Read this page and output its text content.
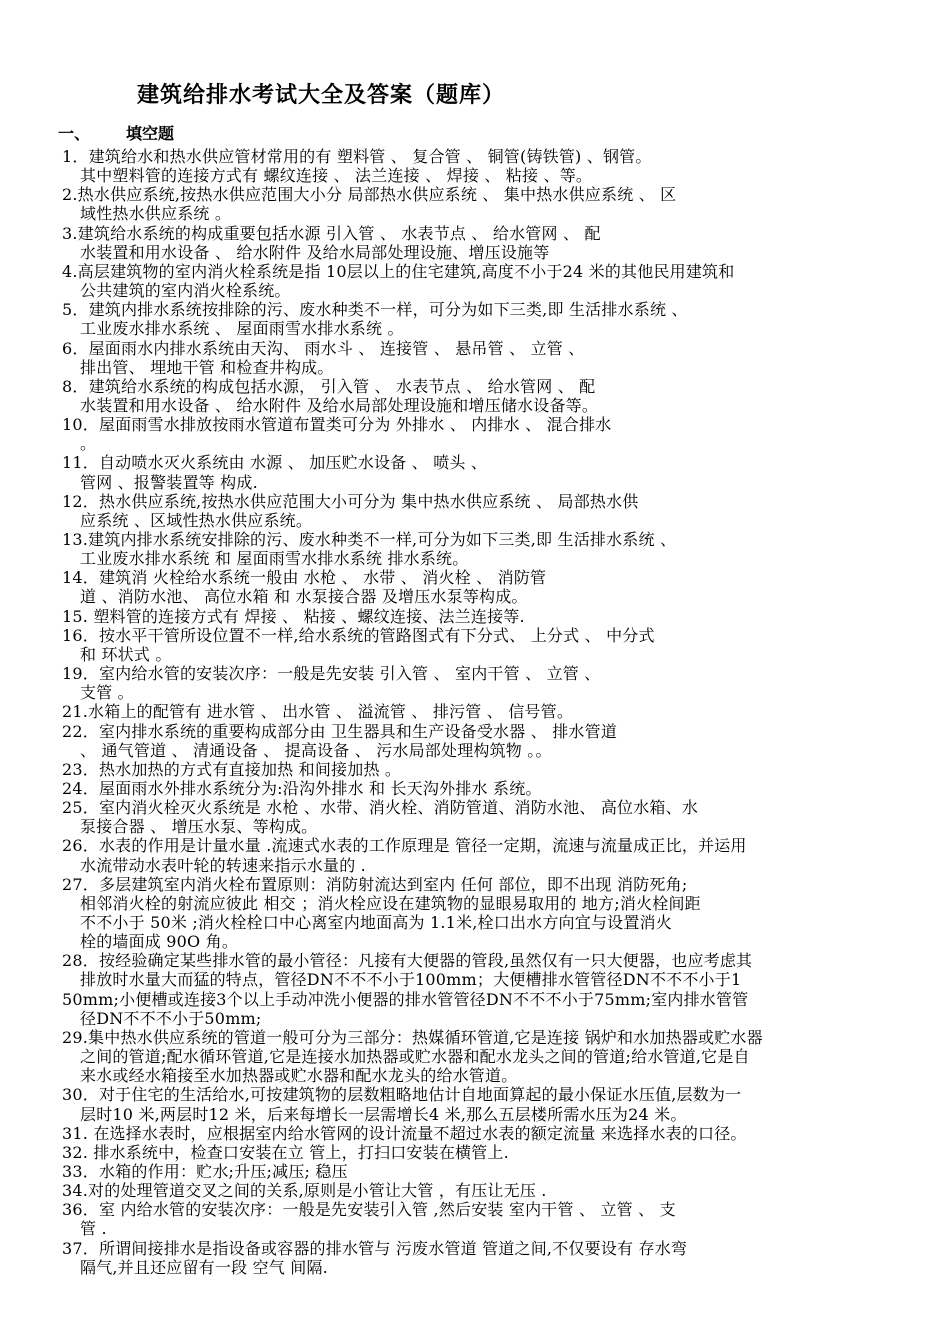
建筑给排水考试大全及答案（题库）
一、 填空题
1．建筑给水和热水供应管材常用的有 塑料管 、 复合管 、 铜管(铸铁管) 、钢管。
其中塑料管的连接方式有 螺纹连接 、 法兰连接 、 焊接 、 粘接 、等。
2.热水供应系统,按热水供应范围大小分 局部热水供应系统 、 集中热水供应系统 、 区
域性热水供应系统 。
3.建筑给水系统的构成重要包括水源 引入管 、 水表节点 、 给水管网 、 配
水装置和用水设备 、 给水附件 及给水局部处理设施、增压设施等
4.高层建筑物的室内消火栓系统是指 10层以上的住宅建筑,高度不小于24 米的其他民用建筑和
公共建筑的室内消火栓系统。
5．建筑内排水系统按排除的污、废水种类不一样，可分为如下三类,即 生活排水系统 、
工业废水排水系统 、 屋面雨雪水排水系统 。
6．屋面雨水内排水系统由天沟、 雨水斗 、 连接管 、 悬吊管 、 立管 、
排出管、 埋地干管 和检查井构成。
8．建筑给水系统的构成包括水源， 引入管 、 水表节点 、 给水管网 、 配
水装置和用水设备 、 给水附件 及给水局部处理设施和增压储水设备等。
10．屋面雨雪水排放按雨水管道布置类可分为 外排水 、 内排水 、 混合排水
。
11．自动喷水灭火系统由 水源 、 加压贮水设备 、 喷头 、
管网 、报警装置等 构成.
12．热水供应系统,按热水供应范围大小可分为 集中热水供应系统 、 局部热水供
应系统 、区域性热水供应系统。
13.建筑内排水系统安排除的污、废水种类不一样,可分为如下三类,即 生活排水系统 、
工业废水排水系统 和 屋面雨雪水排水系统 排水系统。
14．建筑消 火栓给水系统一般由 水枪 、 水带 、 消火栓 、 消防管
道 、消防水池、 高位水箱 和 水泵接合器 及增压水泵等构成。
15. 塑料管的连接方式有 焊接 、 粘接 、螺纹连接、法兰连接等.
16．按水平干管所设位置不一样,给水系统的管路图式有下分式、 上分式 、 中分式
和 环状式 。
19．室内给水管的安装次序：一般是先安装 引入管 、 室内干管 、 立管 、
支管 。
21.水箱上的配管有 进水管 、 出水管 、 溢流管 、 排污管 、 信号管。
22．室内排水系统的重要构成部分由 卫生器具和生产设备受水器 、 排水管道
、 通气管道 、 清通设备 、 提高设备 、 污水局部处理构筑物 。。
23．热水加热的方式有直接加热 和间接加热 。
24．屋面雨水外排水系统分为:沿沟外排水 和 长天沟外排水 系统。
25．室内消火栓灭火系统是 水枪 、水带、消火栓、消防管道、消防水池、 高位水箱、水
泵接合器 、 增压水泵、等构成。
26．水表的作用是计量水量 .流速式水表的工作原理是 管径一定期，流速与流量成正比，并运用
水流带动水表叶轮的转速来指示水量的 .
27．多层建筑室内消火栓布置原则：消防射流达到室内 任何 部位，即不出现 消防死角;
相邻消火栓的射流应彼此 相交 ；消火栓应设在建筑物的显眼易取用的 地方;消火栓间距
不不小于 50米 ;消火栓栓口中心离室内地面高为 1.1米,栓口出水方向宜与设置消火
栓的墙面成 90O 角。
28．按经验确定某些排水管的最小管径：凡接有大便器的管段,虽然仅有一只大便器，也应考虑其
排放时水量大而猛的特点，管径DN不不不小于100mm；大便槽排水管管径DN不不不小于1
50mm;小便槽或连接3个以上手动冲洗小便器的排水管管径DN不不不小于75mm;室内排水管管
径DN不不不小于50mm;
29.集中热水供应系统的管道一般可分为三部分：热媒循环管道,它是连接 锅炉和水加热器或贮水器
之间的管道;配水循环管道,它是连接水加热器或贮水器和配水龙头之间的管道;给水管道,它是自
来水或经水箱接至水加热器或贮水器和配水龙头的给水管道。
30．对于住宅的生活给水,可按建筑物的层数粗略地估计自地面算起的最小保证水压值,层数为一
层时10 米,两层时12 米，后来每增长一层需增长4 米,那么五层楼所需水压为24 米。
31. 在选择水表时，应根据室内给水管网的设计流量不超过水表的额定流量 来选择水表的口径。
32. 排水系统中，检查口安装在立 管上，打扫口安装在横管上.
33．水箱的作用：贮水;升压;减压; 稳压
34.对的处理管道交叉之间的关系,原则是小管让大管 ，有压让无压 .
36．室 内给水管的安装次序：一般是先安装引入管 ,然后安装 室内干管 、 立管 、 支
管 .
37．所谓间接排水是指设备或容器的排水管与 污废水管道 管道之间,不仅要设有 存水弯
隔气,并且还应留有一段 空气 间隔.
